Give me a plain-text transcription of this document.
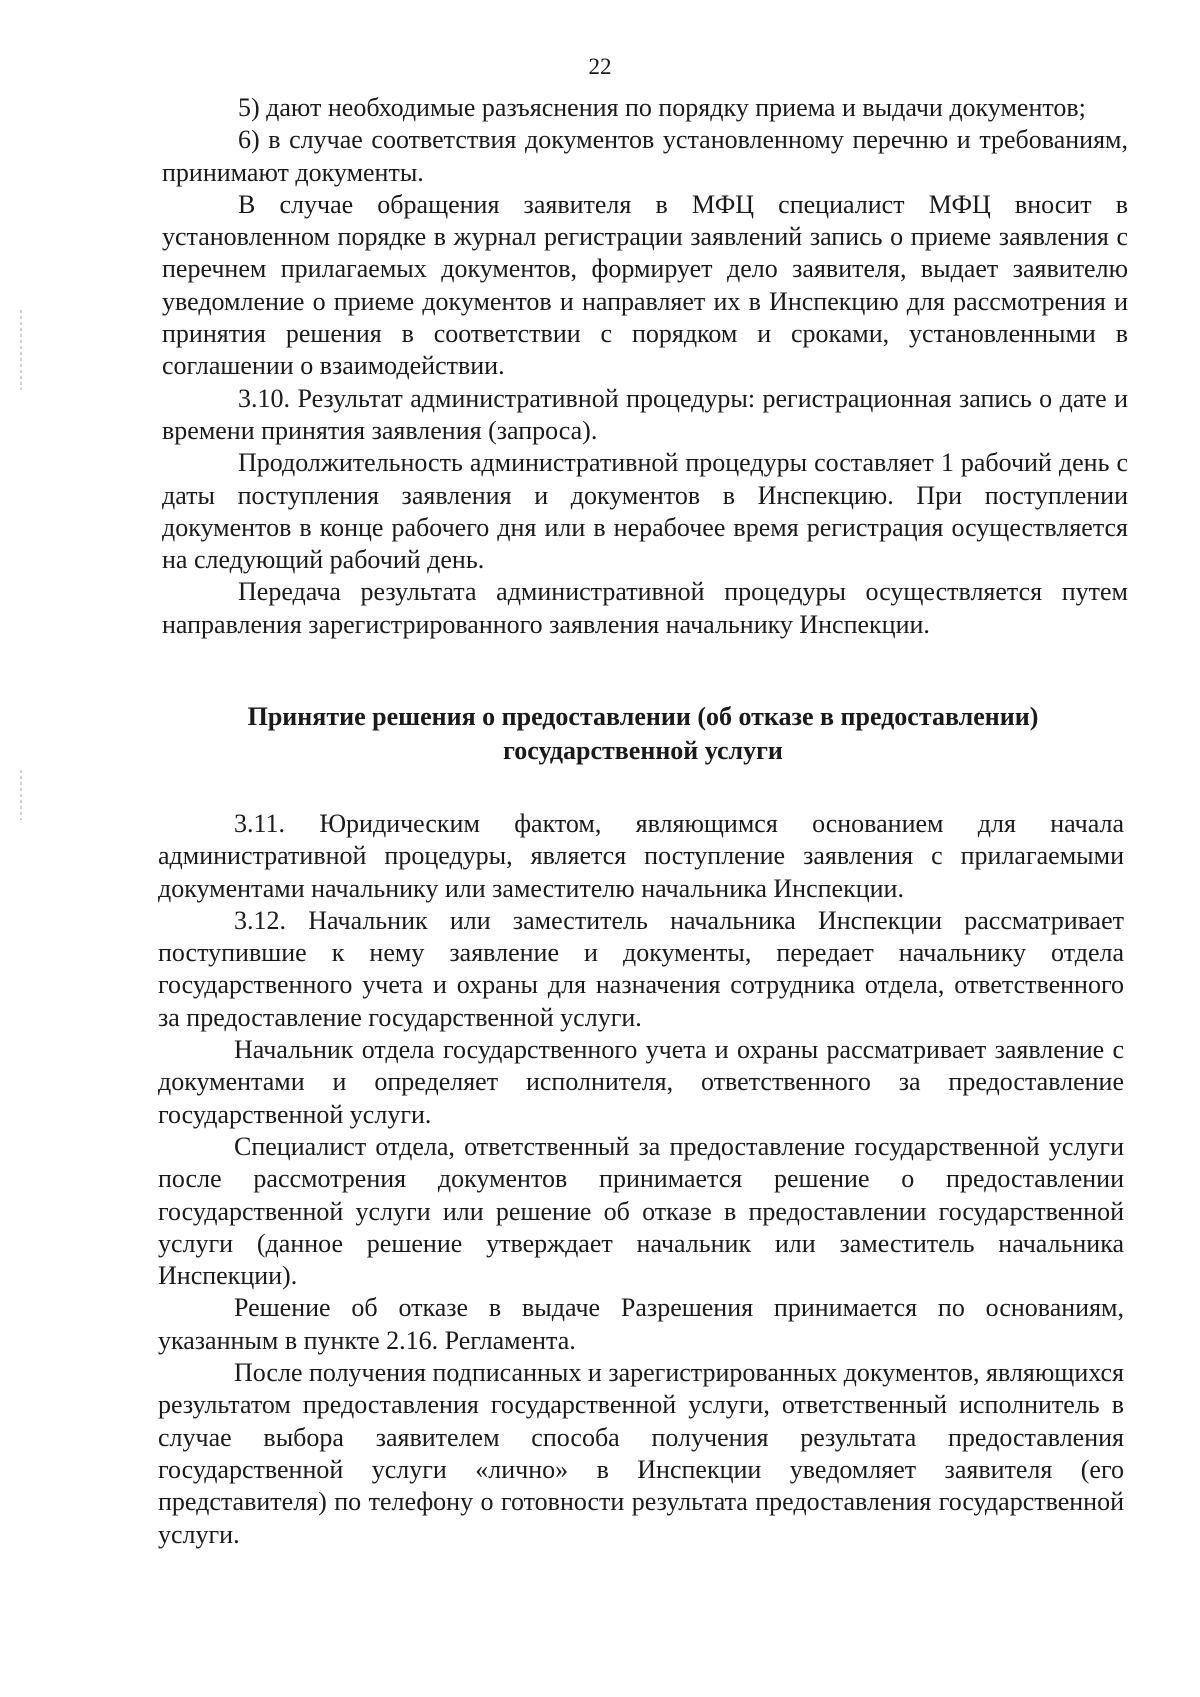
22

5) дают необходимые разъяснения по порядку приема и выдачи документов;

6) в случае соответствия документов установленному перечню и требованиям, принимают документы.

В случае обращения заявителя в МФЦ специалист МФЦ вносит в установленном порядке в журнал регистрации заявлений запись о приеме заявления с перечнем прилагаемых документов, формирует дело заявителя, выдает заявителю уведомление о приеме документов и направляет их в Инспекцию для рассмотрения и принятия решения в соответствии с порядком и сроками, установленными в соглашении о взаимодействии.

3.10. Результат административной процедуры: регистрационная запись о дате и времени принятия заявления (запроса).

Продолжительность административной процедуры составляет 1 рабочий день с даты поступления заявления и документов в Инспекцию. При поступлении документов в конце рабочего дня или в нерабочее время регистрация осуществляется на следующий рабочий день.

Передача результата административной процедуры осуществляется путем направления зарегистрированного заявления начальнику Инспекции.

Принятие решения о предоставлении (об отказе в предоставлении)
государственной услуги

3.11. Юридическим фактом, являющимся основанием для начала административной процедуры, является поступление заявления с прилагаемыми документами начальнику или заместителю начальника Инспекции.

3.12. Начальник или заместитель начальника Инспекции рассматривает поступившие к нему заявление и документы, передает начальнику отдела государственного учета и охраны для назначения сотрудника отдела, ответственного за предоставление государственной услуги.

Начальник отдела государственного учета и охраны рассматривает заявление с документами и определяет исполнителя, ответственного за предоставление государственной услуги.

Специалист отдела, ответственный за предоставление государственной услуги после рассмотрения документов принимается решение о предоставлении государственной услуги или решение об отказе в предоставлении государственной услуги (данное решение утверждает начальник или заместитель начальника Инспекции).

Решение об отказе в выдаче Разрешения принимается по основаниям, указанным в пункте 2.16. Регламента.

После получения подписанных и зарегистрированных документов, являющихся результатом предоставления государственной услуги, ответственный исполнитель в случае выбора заявителем способа получения результата предоставления государственной услуги «лично» в Инспекции уведомляет заявителя (его представителя) по телефону о готовности результата предоставления государственной услуги.
